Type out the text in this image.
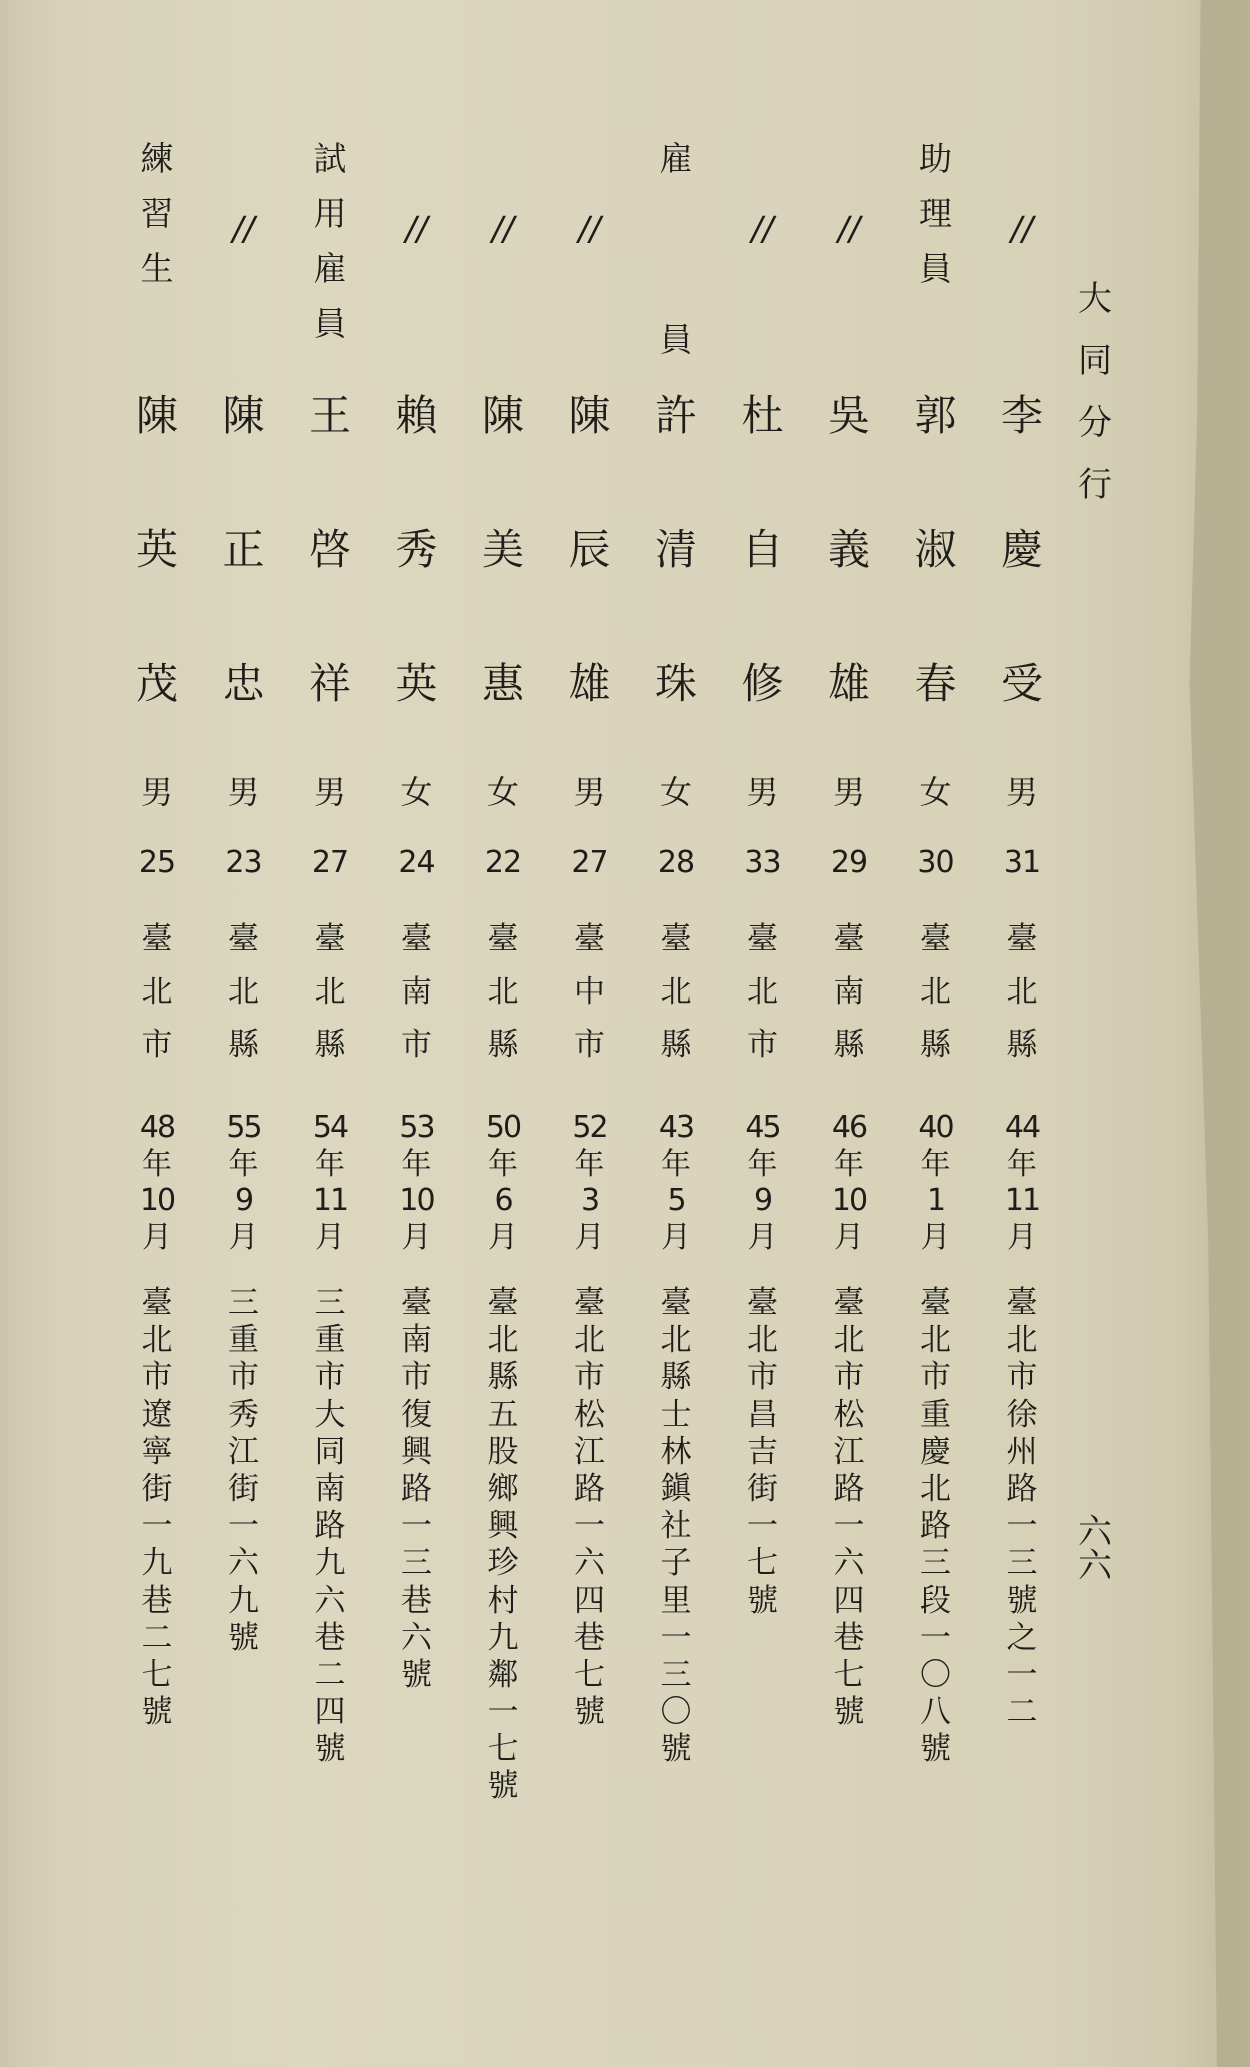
大
同
分
行
六
六
//
李
慶
受
男
31
臺
北
縣
44
年
11
月
臺
北
市
徐
州
路
一
三
號
之
一
二
助
理
員
郭
淑
春
女
30
臺
北
縣
40
年
1
月
臺
北
市
重
慶
北
路
三
段
一
〇
八
號
//
吳
義
雄
男
29
臺
南
縣
46
年
10
月
臺
北
市
松
江
路
一
六
四
巷
七
號
//
杜
自
修
男
33
臺
北
市
45
年
9
月
臺
北
市
昌
吉
街
一
七
號
雇
員
許
清
珠
女
28
臺
北
縣
43
年
5
月
臺
北
縣
士
林
鎭
社
子
里
一
三
〇
號
//
陳
辰
雄
男
27
臺
中
市
52
年
3
月
臺
北
市
松
江
路
一
六
四
巷
七
號
//
陳
美
惠
女
22
臺
北
縣
50
年
6
月
臺
北
縣
五
股
鄉
興
珍
村
九
鄰
一
七
號
//
賴
秀
英
女
24
臺
南
市
53
年
10
月
臺
南
市
復
興
路
一
三
巷
六
號
試
用
雇
員
王
啓
祥
男
27
臺
北
縣
54
年
11
月
三
重
市
大
同
南
路
九
六
巷
二
四
號
//
陳
正
忠
男
23
臺
北
縣
55
年
9
月
三
重
市
秀
江
街
一
六
九
號
練
習
生
陳
英
茂
男
25
臺
北
市
48
年
10
月
臺
北
市
遼
寧
街
一
九
巷
二
七
號
